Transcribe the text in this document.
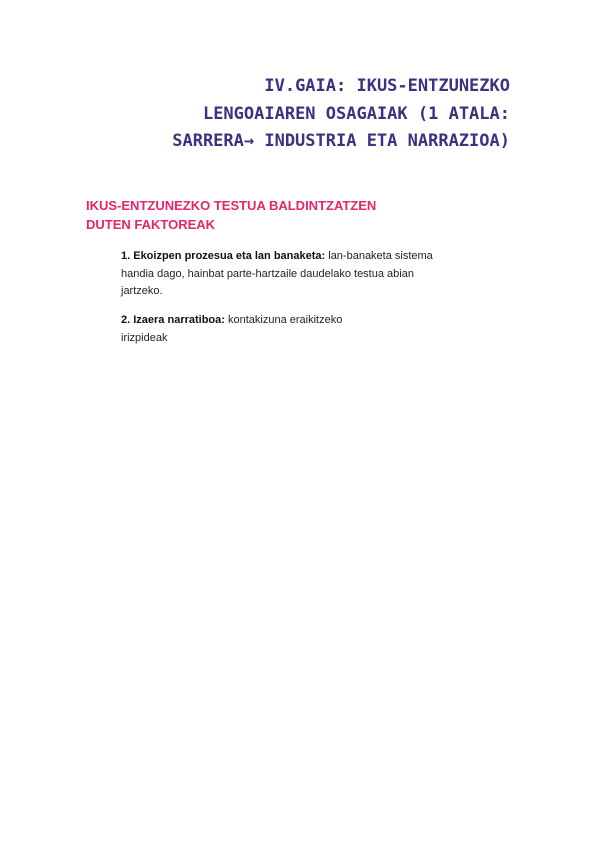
IV.GAIA: IKUS-ENTZUNEZKO
LENGOAIAREN OSAGAIAK (1 ATALA:
SARRERA→ INDUSTRIA ETA NARRAZIOA)
IKUS-ENTZUNEZKO TESTUA BALDINTZATZEN
DUTEN FAKTOREAK

1. Ekoizpen prozesua eta lan banaketa: lan-banaketa sistema
handia dago, hainbat parte-hartzaile daudelako testua abian
jartzeko.

2. Izaera narratiboa: kontakizuna eraikitzeko
irizpideak
